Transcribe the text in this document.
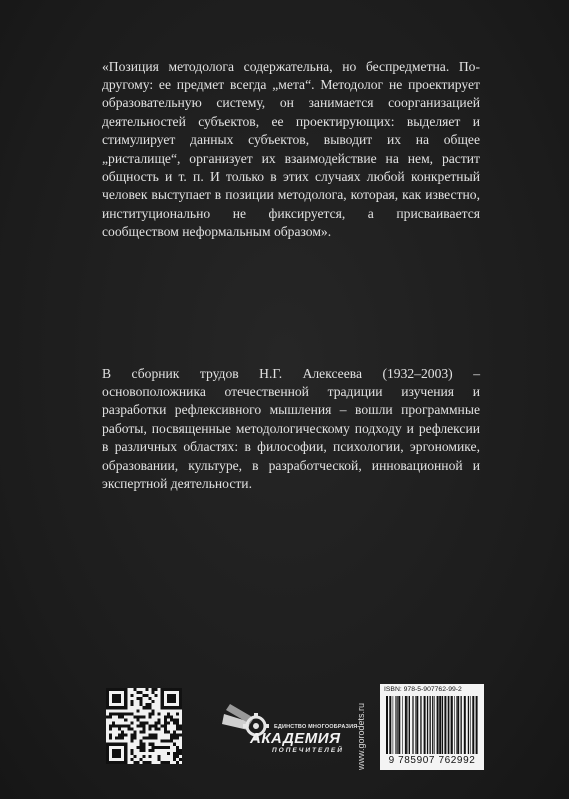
«Позиция методолога содержательна, но беспредметна. По-другому: ее предмет всегда „мета“. Методолог не проектирует образовательную систему, он занимается соорганизацией деятельностей субъектов, ее проектирующих: выделяет и стимулирует данных субъектов, выводит их на общее „ристалище“, организует их взаимодействие на нем, растит общность и т. п. И только в этих случаях любой конкретный человек выступает в позиции методолога, которая, как известно, институционально не фиксируется, а присваивается сообществом неформальным образом».

В сборник трудов Н.Г. Алексеева (1932–2003) – основоположника отечественной традиции изучения и разработки рефлексивного мышления – вошли программные работы, посвященные методологическому подходу и рефлексии в различных областях: в философии, психологии, эргономике, образовании, культуре, в разработческой, инновационной и экспертной деятельности.

ЕДИНСТВО МНОГООБРАЗИЯ
АКАДЕМИЯ
ПОПЕЧИТЕЛЕЙ www.gorodets.ru
ISBN: 978-5-907762-99-2
9 785907 762992
